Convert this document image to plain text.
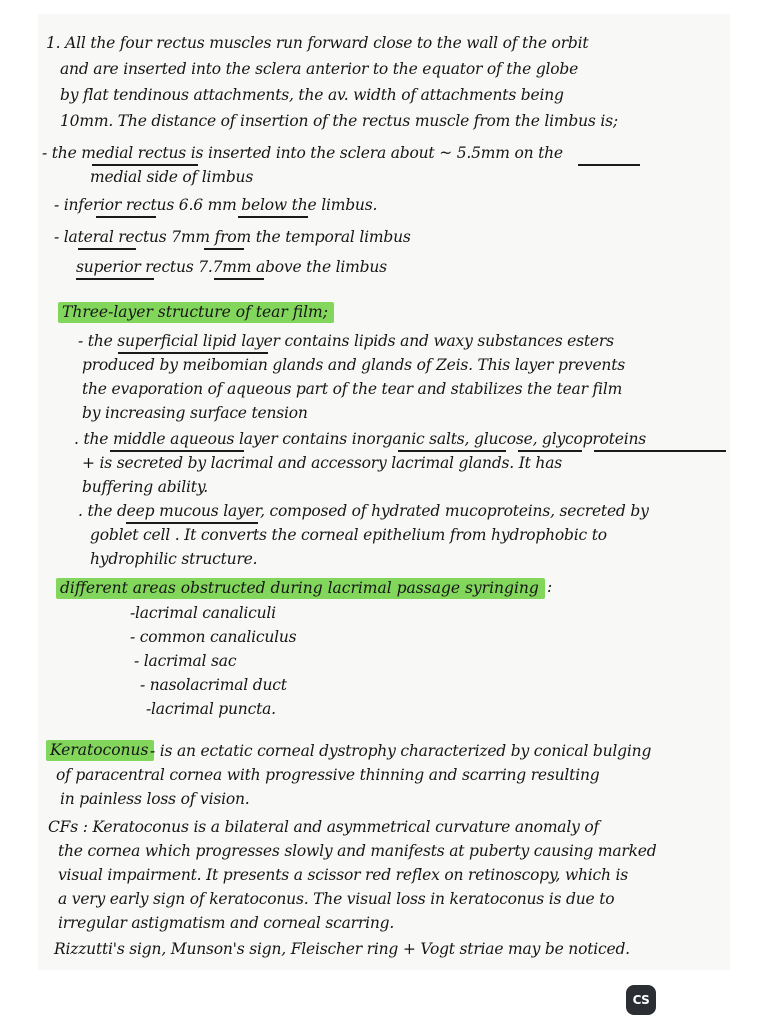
1. All the four rectus muscles run forward close to the wall of the orbit
and are inserted into the sclera anterior to the equator of the globe
by flat tendinous attachments, the av. width of attachments being
10mm. The distance of insertion of the rectus muscle from the limbus is;
- the medial rectus is inserted into the sclera about ~ 5.5mm on the
medial side of limbus
- inferior rectus 6.6 mm below the limbus.
- lateral rectus 7mm from the temporal limbus
superior rectus 7.7mm above the limbus
Three-layer structure of tear film;
- the superficial lipid layer contains lipids and waxy substances esters
produced by meibomian glands and glands of Zeis. This layer prevents
the evaporation of aqueous part of the tear and stabilizes the tear film
by increasing surface tension
. the middle aqueous layer contains inorganic salts, glucose, glycoproteins
+ is secreted by lacrimal and accessory lacrimal glands. It has
buffering ability.
. the deep mucous layer, composed of hydrated mucoproteins, secreted by
goblet cell . It converts the corneal epithelium from hydrophobic to
hydrophilic structure.
different areas obstructed during lacrimal passage syringing :
-lacrimal canaliculi
- common canaliculus
- lacrimal sac
- nasolacrimal duct
-lacrimal puncta.
Keratoconus - is an ectatic corneal dystrophy characterized by conical bulging
of paracentral cornea with progressive thinning and scarring resulting
in painless loss of vision.
CFs : Keratoconus is a bilateral and asymmetrical curvature anomaly of
the cornea which progresses slowly and manifests at puberty causing marked
visual impairment. It presents a scissor red reflex on retinoscopy, which is
a very early sign of keratoconus. The visual loss in keratoconus is due to
irregular astigmatism and corneal scarring.
Rizzutti's sign, Munson's sign, Fleischer ring + Vogt striae may be noticed.
CS
